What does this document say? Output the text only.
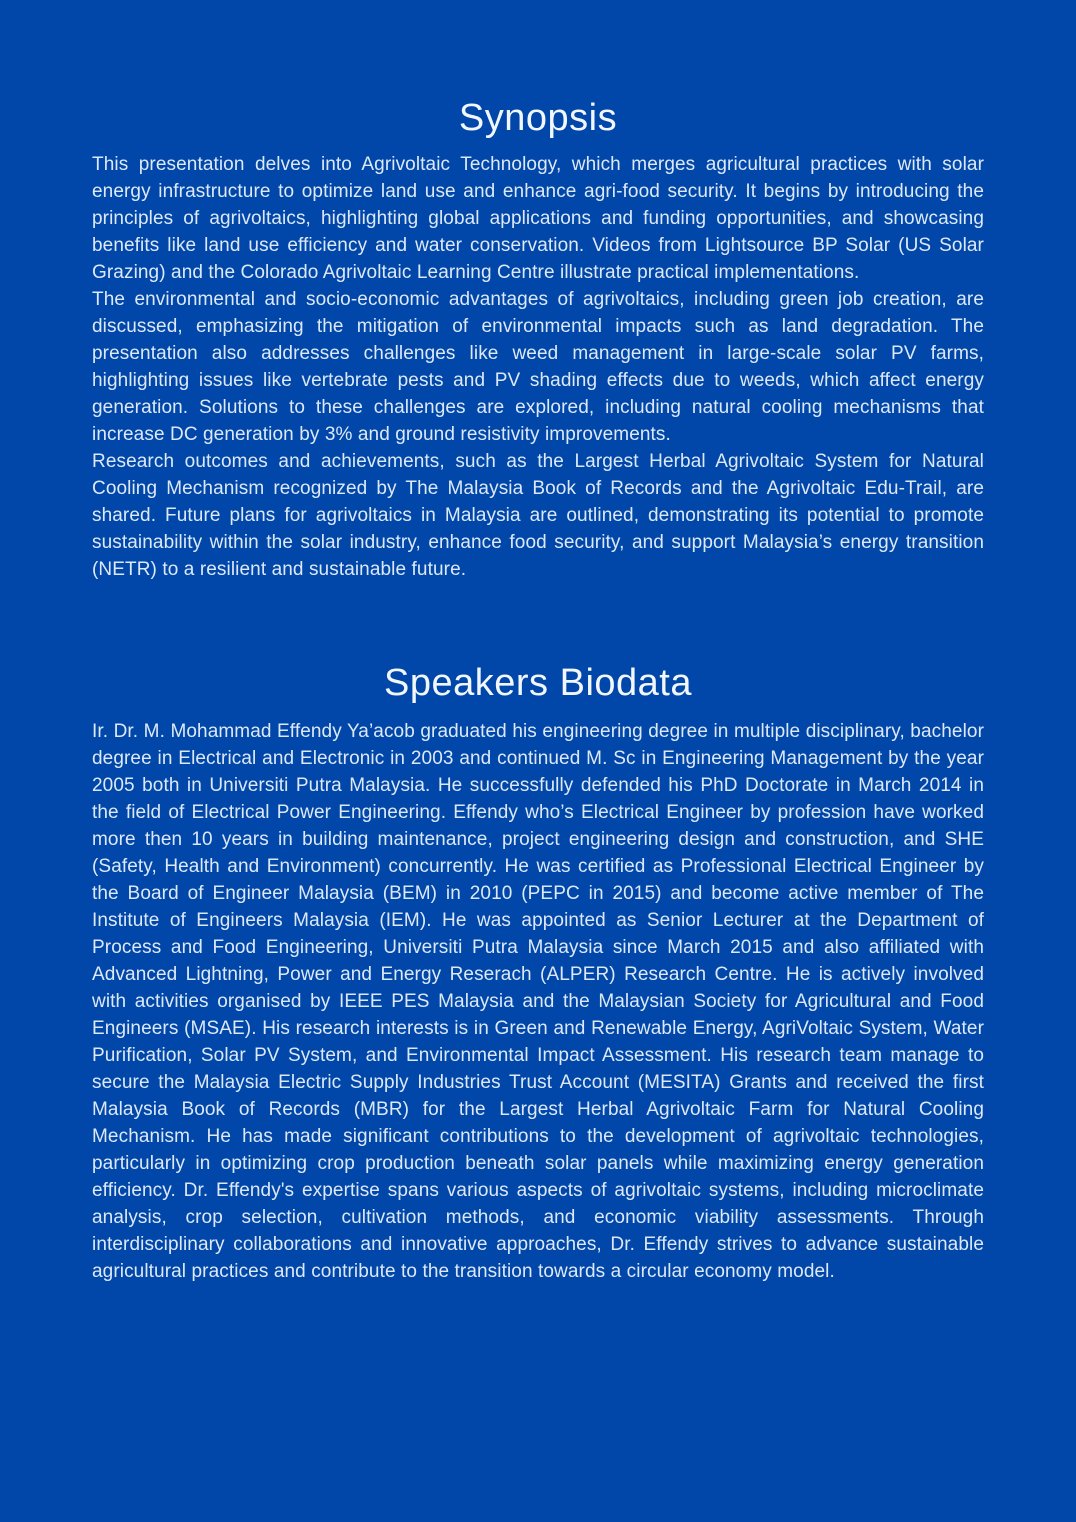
Synopsis

This presentation delves into Agrivoltaic Technology, which merges agricultural practices with solar energy infrastructure to optimize land use and enhance agri-food security. It begins by introducing the principles of agrivoltaics, highlighting global applications and funding opportunities, and showcasing benefits like land use efficiency and water conservation. Videos from Lightsource BP Solar (US Solar Grazing) and the Colorado Agrivoltaic Learning Centre illustrate practical implementations.

The environmental and socio-economic advantages of agrivoltaics, including green job creation, are discussed, emphasizing the mitigation of environmental impacts such as land degradation. The presentation also addresses challenges like weed management in large-scale solar PV farms, highlighting issues like vertebrate pests and PV shading effects due to weeds, which affect energy generation. Solutions to these challenges are explored, including natural cooling mechanisms that increase DC generation by 3% and ground resistivity improvements.

Research outcomes and achievements, such as the Largest Herbal Agrivoltaic System for Natural Cooling Mechanism recognized by The Malaysia Book of Records and the Agrivoltaic Edu-Trail, are shared. Future plans for agrivoltaics in Malaysia are outlined, demonstrating its potential to promote sustainability within the solar industry, enhance food security, and support Malaysia’s energy transition (NETR) to a resilient and sustainable future.

Speakers Biodata

Ir. Dr. M. Mohammad Effendy Ya’acob graduated his engineering degree in multiple disciplinary, bachelor degree in Electrical and Electronic in 2003 and continued M. Sc in Engineering Management by the year 2005 both in Universiti Putra Malaysia. He successfully defended his PhD Doctorate in March 2014 in the field of Electrical Power Engineering. Effendy who’s Electrical Engineer by profession have worked more then 10 years in building maintenance, project engineering design and construction, and SHE (Safety, Health and Environment) concurrently. He was certified as Professional Electrical Engineer by the Board of Engineer Malaysia (BEM) in 2010 (PEPC in 2015) and become active member of The Institute of Engineers Malaysia (IEM). He was appointed as Senior Lecturer at the Department of Process and Food Engineering, Universiti Putra Malaysia since March 2015 and also affiliated with Advanced Lightning, Power and Energy Reserach (ALPER) Research Centre. He is actively involved with activities organised by IEEE PES Malaysia and the Malaysian Society for Agricultural and Food Engineers (MSAE). His research interests is in Green and Renewable Energy, AgriVoltaic System, Water Purification, Solar PV System, and Environmental Impact Assessment. His research team manage to secure the Malaysia Electric Supply Industries Trust Account (MESITA) Grants and received the first Malaysia Book of Records (MBR) for the Largest Herbal Agrivoltaic Farm for Natural Cooling Mechanism. He has made significant contributions to the development of agrivoltaic technologies, particularly in optimizing crop production beneath solar panels while maximizing energy generation efficiency. Dr. Effendy's expertise spans various aspects of agrivoltaic systems, including microclimate analysis, crop selection, cultivation methods, and economic viability assessments. Through interdisciplinary collaborations and innovative approaches, Dr. Effendy strives to advance sustainable agricultural practices and contribute to the transition towards a circular economy model.
